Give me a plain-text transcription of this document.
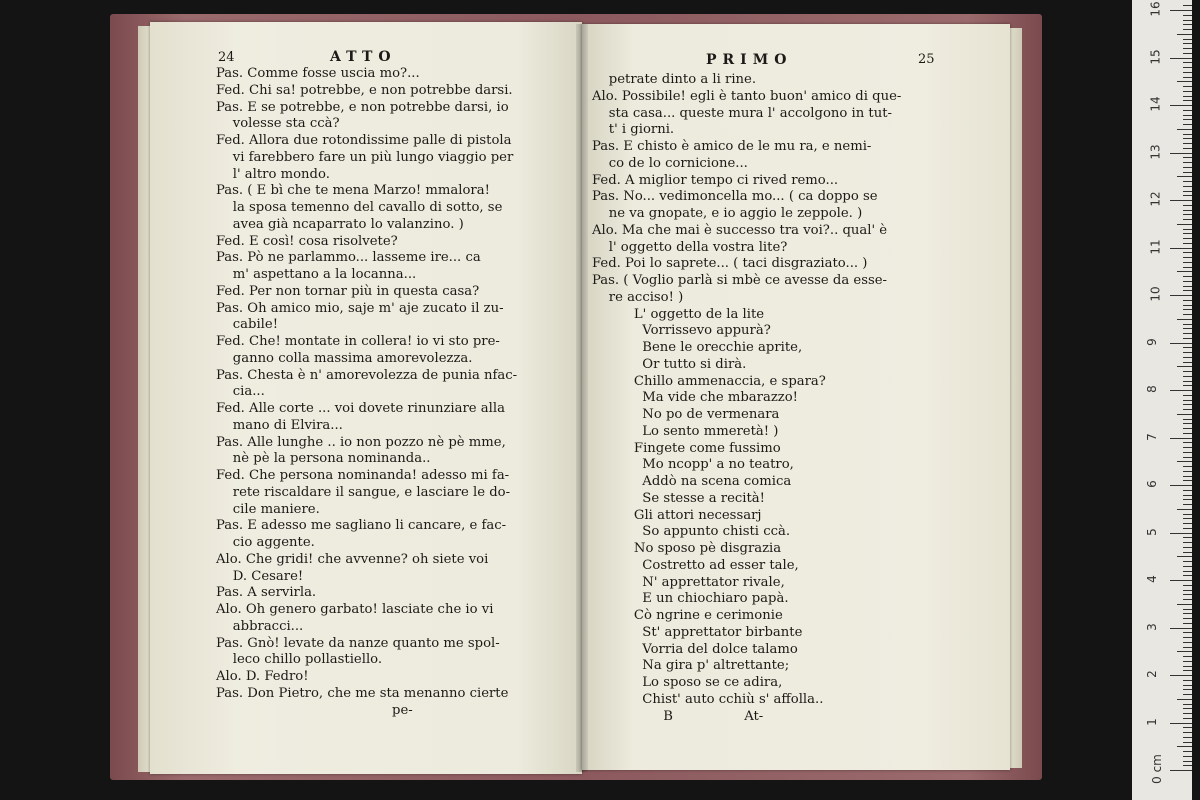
24	ATTO
Pas. Comme fosse uscia mo?...
Fed. Chi sa! potrebbe, e non potrebbe darsi.
Pas. E se potrebbe, e non potrebbe darsi, io
volesse sta ccà?
Fed. Allora due rotondissime palle di pistola
vi farebbero fare un più lungo viaggio per
l' altro mondo.
Pas. ( E bì che te mena Marzo! mmalora!
la sposa temenno del cavallo di sotto, se
avea già ncaparrato lo valanzino. )
Fed. E così! cosa risolvete?
Pas. Pò ne parlammo... lasseme ire... ca
m' aspettano a la locanna...
Fed. Per non tornar più in questa casa?
Pas. Oh amico mio, saje m' aje zucato il zu-
cabile!
Fed. Che! montate in collera! io vi sto pre-
ganno colla massima amorevolezza.
Pas. Chesta è n' amorevolezza de punia nfac-
cia...
Fed. Alle corte ... voi dovete rinunziare alla
mano di Elvira...
Pas. Alle lunghe .. io non pozzo nè pè mme,
nè pè la persona nominanda..
Fed. Che persona nominanda! adesso mi fa-
rete riscaldare il sangue, e lasciare le do-
cile maniere.
Pas. E adesso me sagliano li cancare, e fac-
cio aggente.
Alo. Che gridi! che avvenne? oh siete voi
D. Cesare!
Pas. A servirla.
Alo. Oh genero garbato! lasciate che io vi
abbracci...
Pas. Gnò! levate da nanze quanto me spol-
leco chillo pollastiello.
Alo. D. Fedro!
Pas. Don Pietro, che me sta menanno cierte
pe-
PRIMO	25
petrate dinto a li rine.
Alo. Possibile! egli è tanto buon' amico di que-
sta casa... queste mura l' accolgono in tut-
t' i giorni.
Pas. E chisto è amico de le mu ra, e nemi-
co de lo cornicione...
Fed. A miglior tempo ci rived remo...
Pas. No... vedimoncella mo... ( ca doppo se
ne va gnopate, e io aggio le zeppole. )
Alo. Ma che mai è successo tra voi?.. qual' è
l' oggetto della vostra lite?
Fed. Poi lo saprete... ( taci disgraziato... )
Pas. ( Voglio parlà si mbè ce avesse da esse-
re acciso! )
L' oggetto de la lite
Vorrissevo appurà?
Bene le orecchie aprite,
Or tutto si dirà.
Chillo ammenaccia, e spara?
Ma vide che mbarazzo!
No po de vermenara
Lo sento mmeretà! )
Fingete come fussimo
Mo ncopp' a no teatro,
Addò na scena comica
Se stesse a recità!
Gli attori necessarj
So appunto chisti ccà.
No sposo pè disgrazia
Costretto ad esser tale,
N' apprettator rivale,
E un chiochiaro papà.
Cò ngrine e cerimonie
St' apprettator birbante
Vorria del dolce talamo
Na gira p' altrettante;
Lo sposo se ce adira,
Chist' auto cchiù s' affolla..
B                 At-
0 cm
1
2
3
4
5
6
7
8
9
10
11
12
13
14
15
16
